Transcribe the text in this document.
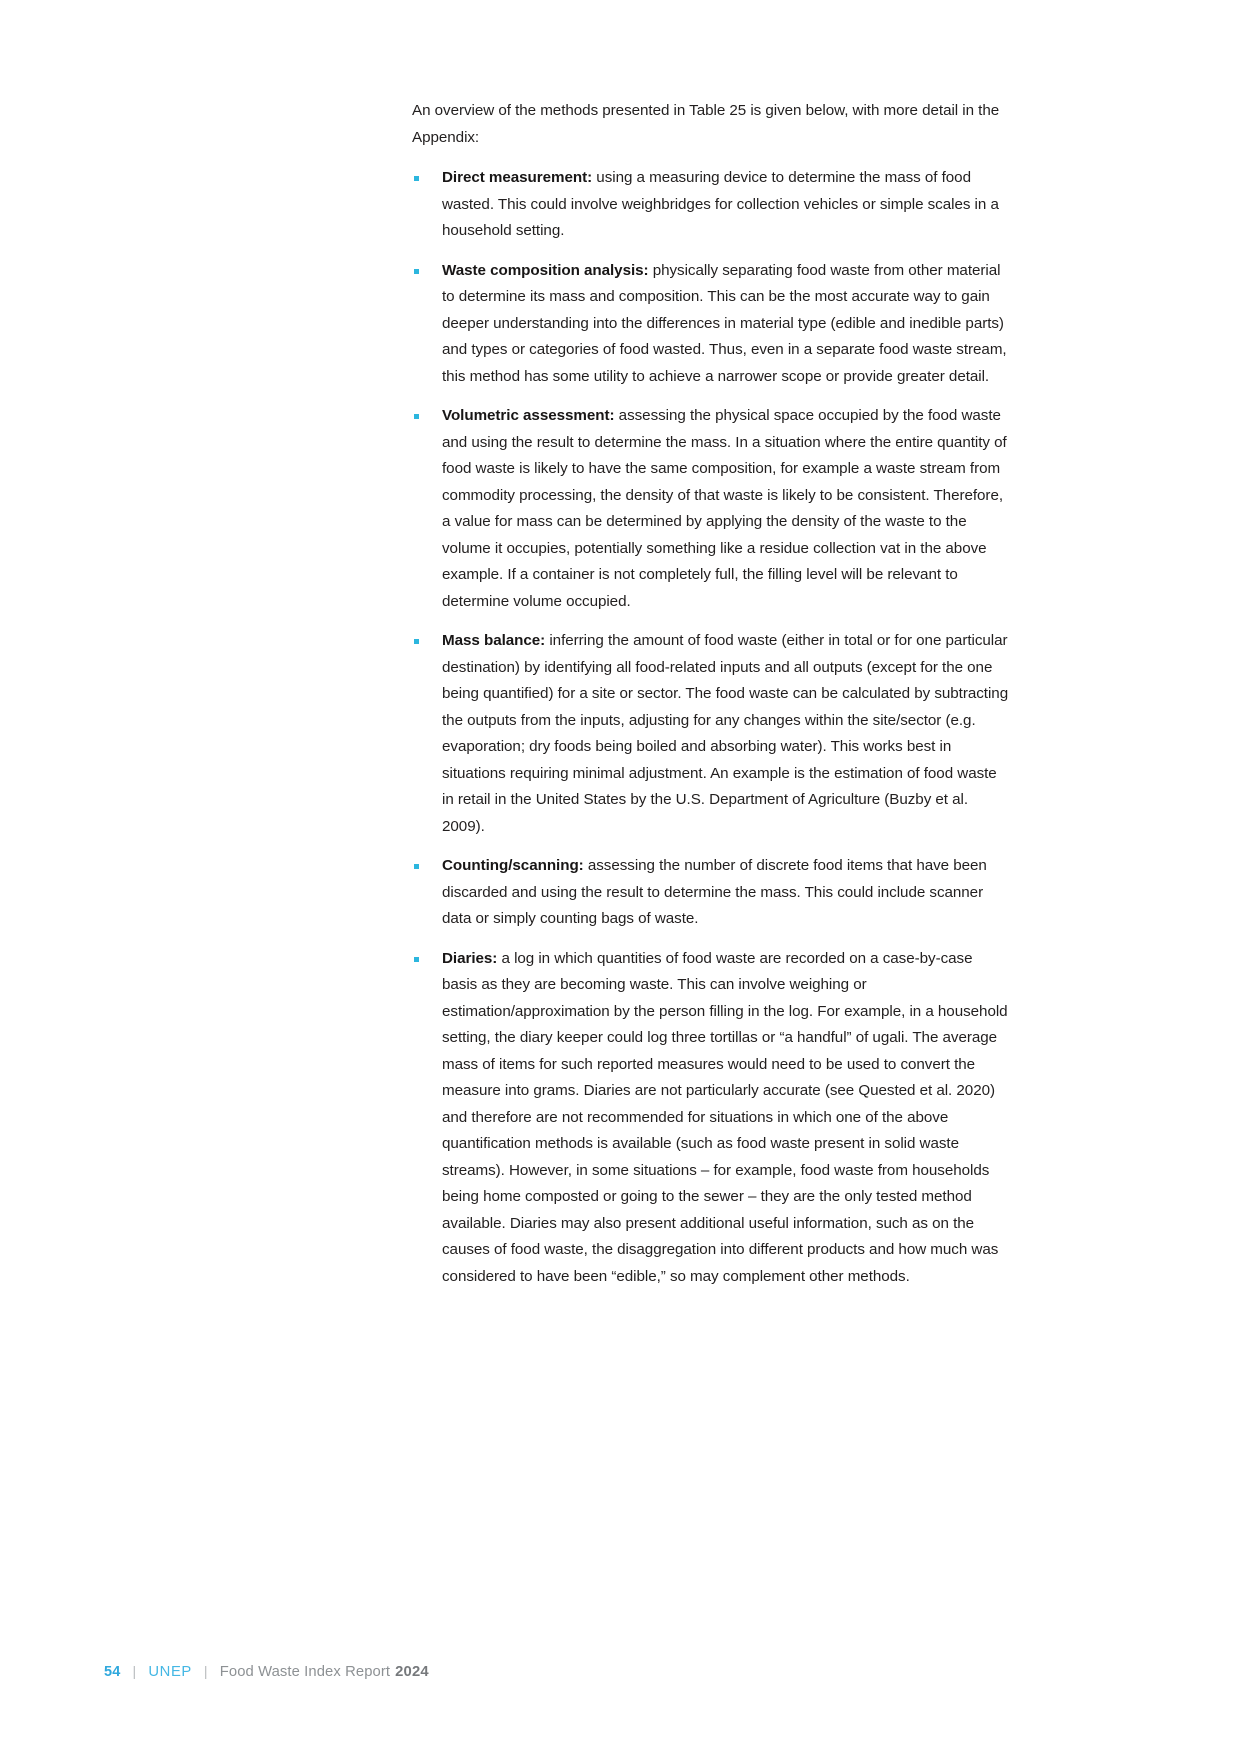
An overview of the methods presented in Table 25 is given below, with more detail in the Appendix:

Direct measurement: using a measuring device to determine the mass of food wasted. This could involve weighbridges for collection vehicles or simple scales in a household setting.
Waste composition analysis: physically separating food waste from other material to determine its mass and composition. This can be the most accurate way to gain deeper understanding into the differences in material type (edible and inedible parts) and types or categories of food wasted. Thus, even in a separate food waste stream, this method has some utility to achieve a narrower scope or provide greater detail.
Volumetric assessment: assessing the physical space occupied by the food waste and using the result to determine the mass. In a situation where the entire quantity of food waste is likely to have the same composition, for example a waste stream from commodity processing, the density of that waste is likely to be consistent. Therefore, a value for mass can be determined by applying the density of the waste to the volume it occupies, potentially something like a residue collection vat in the above example. If a container is not completely full, the filling level will be relevant to determine volume occupied.
Mass balance: inferring the amount of food waste (either in total or for one particular destination) by identifying all food-related inputs and all outputs (except for the one being quantified) for a site or sector. The food waste can be calculated by subtracting the outputs from the inputs, adjusting for any changes within the site/sector (e.g. evaporation; dry foods being boiled and absorbing water). This works best in situations requiring minimal adjustment. An example is the estimation of food waste in retail in the United States by the U.S. Department of Agriculture (Buzby et al. 2009).
Counting/scanning: assessing the number of discrete food items that have been discarded and using the result to determine the mass. This could include scanner data or simply counting bags of waste.
Diaries: a log in which quantities of food waste are recorded on a case-by-case basis as they are becoming waste. This can involve weighing or estimation/approximation by the person filling in the log. For example, in a household setting, the diary keeper could log three tortillas or “a handful” of ugali. The average mass of items for such reported measures would need to be used to convert the measure into grams. Diaries are not particularly accurate (see Quested et al. 2020) and therefore are not recommended for situations in which one of the above quantification methods is available (such as food waste present in solid waste streams). However, in some situations – for example, food waste from households being home composted or going to the sewer – they are the only tested method available. Diaries may also present additional useful information, such as on the causes of food waste, the disaggregation into different products and how much was considered to have been “edible,” so may complement other methods.
54 | UNEP | Food Waste Index Report 2024
